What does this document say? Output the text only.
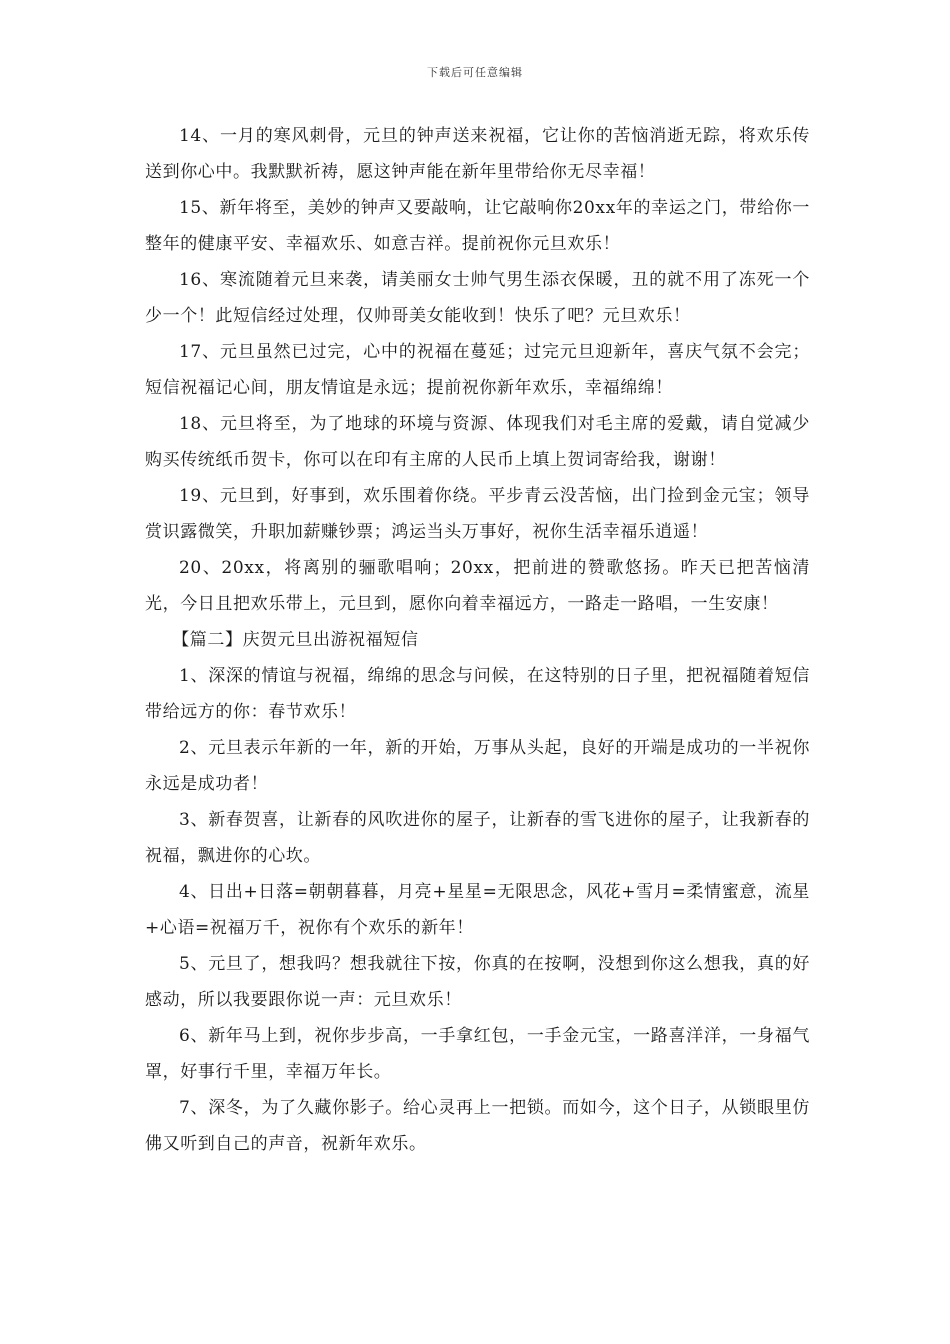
下载后可任意编辑

14、一月的寒风刺骨，元旦的钟声送来祝福，它让你的苦恼消逝无踪，将欢乐传送到你心中。我默默祈祷，愿这钟声能在新年里带给你无尽幸福！

15、新年将至，美妙的钟声又要敲响，让它敲响你20xx年的幸运之门，带给你一整年的健康平安、幸福欢乐、如意吉祥。提前祝你元旦欢乐！

16、寒流随着元旦来袭，请美丽女士帅气男生添衣保暖，丑的就不用了冻死一个少一个！此短信经过处理，仅帅哥美女能收到！快乐了吧？元旦欢乐！

17、元旦虽然已过完，心中的祝福在蔓延；过完元旦迎新年，喜庆气氛不会完；短信祝福记心间，朋友情谊是永远；提前祝你新年欢乐，幸福绵绵！

18、元旦将至，为了地球的环境与资源、体现我们对毛主席的爱戴，请自觉减少购买传统纸币贺卡，你可以在印有主席的人民币上填上贺词寄给我，谢谢！

19、元旦到，好事到，欢乐围着你绕。平步青云没苦恼，出门捡到金元宝；领导赏识露微笑，升职加薪赚钞票；鸿运当头万事好，祝你生活幸福乐逍遥！

20、20xx，将离别的骊歌唱响；20xx，把前进的赞歌悠扬。昨天已把苦恼清光，今日且把欢乐带上，元旦到，愿你向着幸福远方，一路走一路唱，一生安康！

【篇二】庆贺元旦出游祝福短信

1、深深的情谊与祝福，绵绵的思念与问候，在这特别的日子里，把祝福随着短信带给远方的你：春节欢乐！

2、元旦表示年新的一年，新的开始，万事从头起，良好的开端是成功的一半祝你永远是成功者！

3、新春贺喜，让新春的风吹进你的屋子，让新春的雪飞进你的屋子，让我新春的祝福，飘进你的心坎。

4、日出+日落=朝朝暮暮，月亮+星星=无限思念，风花+雪月=柔情蜜意，流星+心语=祝福万千，祝你有个欢乐的新年！

5、元旦了，想我吗？想我就往下按，你真的在按啊，没想到你这么想我，真的好感动，所以我要跟你说一声：元旦欢乐！

6、新年马上到，祝你步步高，一手拿红包，一手金元宝，一路喜洋洋，一身福气罩，好事行千里，幸福万年长。

7、深冬，为了久藏你影子。给心灵再上一把锁。而如今，这个日子，从锁眼里仿佛又听到自己的声音，祝新年欢乐。
